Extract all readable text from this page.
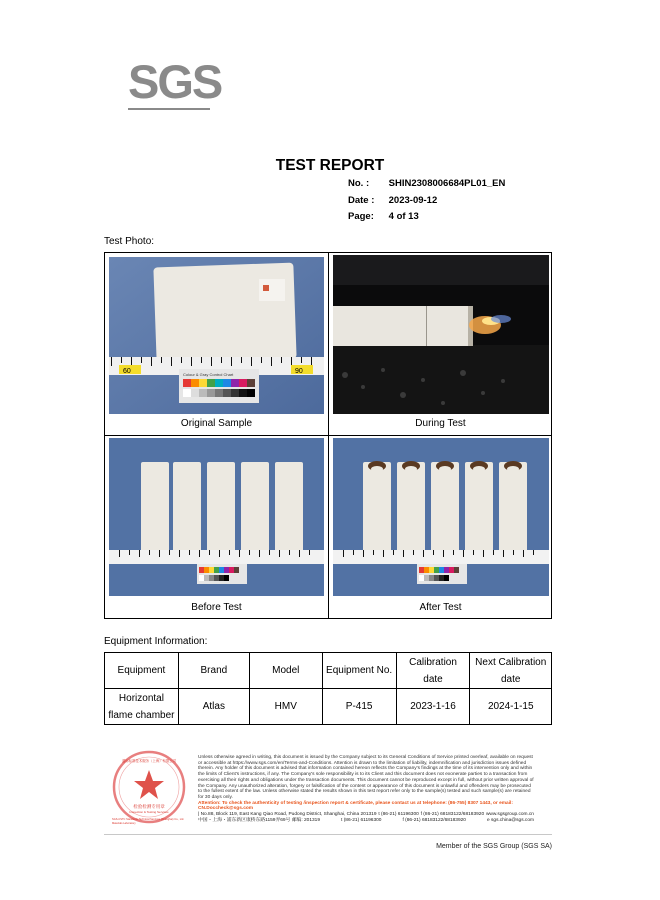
SGS
TEST REPORT
No. : SHIN2308006684PL01_EN
Date : 2023-09-12
Page: 4 of 13
Test Photo:
60	90
Colour & Gray Control Chart
Original Sample	During Test
Before Test	After Test
Equipment Information:
Equipment	Brand	Model	Equipment No.	Calibration date	Next Calibration date
Horizontal flame chamber	Atlas	HMV	P-415	2023-1-16	2024-1-15
检验检测专用章
Inspection & Testing Services
通标标准技术服务（上海）有限公司
SGS-CSTC Standards Technical Services (Shanghai) Co., Ltd.
Materials Laboratory
Unless otherwise agreed in writing, this document is issued by the Company subject to its General Conditions of Service printed overleaf, available on request or accessible at https://www.sgs.com/en/Terms-and-Conditions. Attention is drawn to the limitation of liability, indemnification and jurisdiction issues defined therein. Any holder of this document is advised that information contained hereon reflects the Company's findings at the time of its intervention only and within the limits of Client's instructions, if any. The Company's sole responsibility is to its Client and this document does not exonerate parties to a transaction from exercising all their rights and obligations under the transaction documents. This document cannot be reproduced except in full, without prior written approval of the Company. Any unauthorized alteration, forgery or falsification of the content or appearance of this document is unlawful and offenders may be prosecuted to the fullest extent of the law. Unless otherwise stated the results shown in this test report refer only to the sample(s) tested and such sample(s) are retained for 30 days only.
Attention: To check the authenticity of testing /inspection report & certificate, please contact us at telephone: (86-755) 8307 1443, or email: CN.Doccheck@sgs.com
| No.88, Block 119, East Kang Qiao Road, Pudong District, Shanghai, China 201319 t (86-21) 61196300 f (86-21) 68183122/68183920 www.sgsgroup.com.cn
中国・上海・浦东新区康桥东路1159弄69号 邮编: 201319	t (86-21) 61196300	f (86-21) 68183122/68183920	e sgs.china@sgs.com
Member of the SGS Group (SGS SA)
